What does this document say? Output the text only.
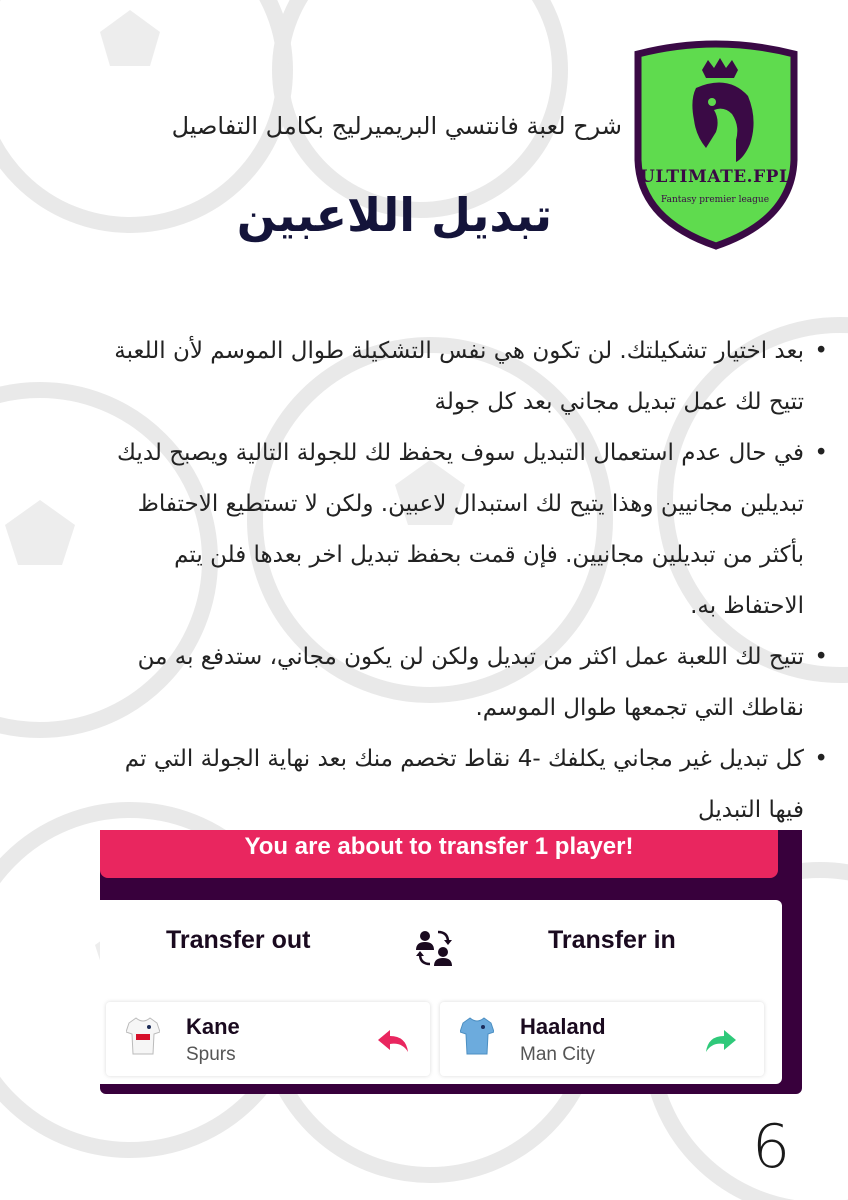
ULTIMATE.FPL
Fantasy premier league
شرح لعبة فانتسي البريميرليج بكامل التفاصيل
تبديل اللاعبين
• بعد اختيار تشكيلتك. لن تكون هي نفس التشكيلة طوال الموسم لأن اللعبة تتيح لك عمل تبديل مجاني بعد كل جولة
• في حال عدم استعمال التبديل سوف يحفظ لك للجولة التالية ويصبح لديك تبديلين مجانيين وهذا يتيح لك استبدال لاعبين. ولكن لا تستطيع الاحتفاظ بأكثر من تبديلين مجانيين. فإن قمت بحفظ تبديل اخر بعدها فلن يتم الاحتفاظ به.
• تتيح لك اللعبة عمل اكثر من تبديل ولكن لن يكون مجاني، ستدفع به من نقاطك التي تجمعها طوال الموسم.
• كل تبديل غير مجاني يكلفك -4 نقاط تخصم منك بعد نهاية الجولة التي تم فيها التبديل
You are about to transfer 1 player!
Transfer out	Transfer in
Kane
Spurs
Haaland
Man City
6
